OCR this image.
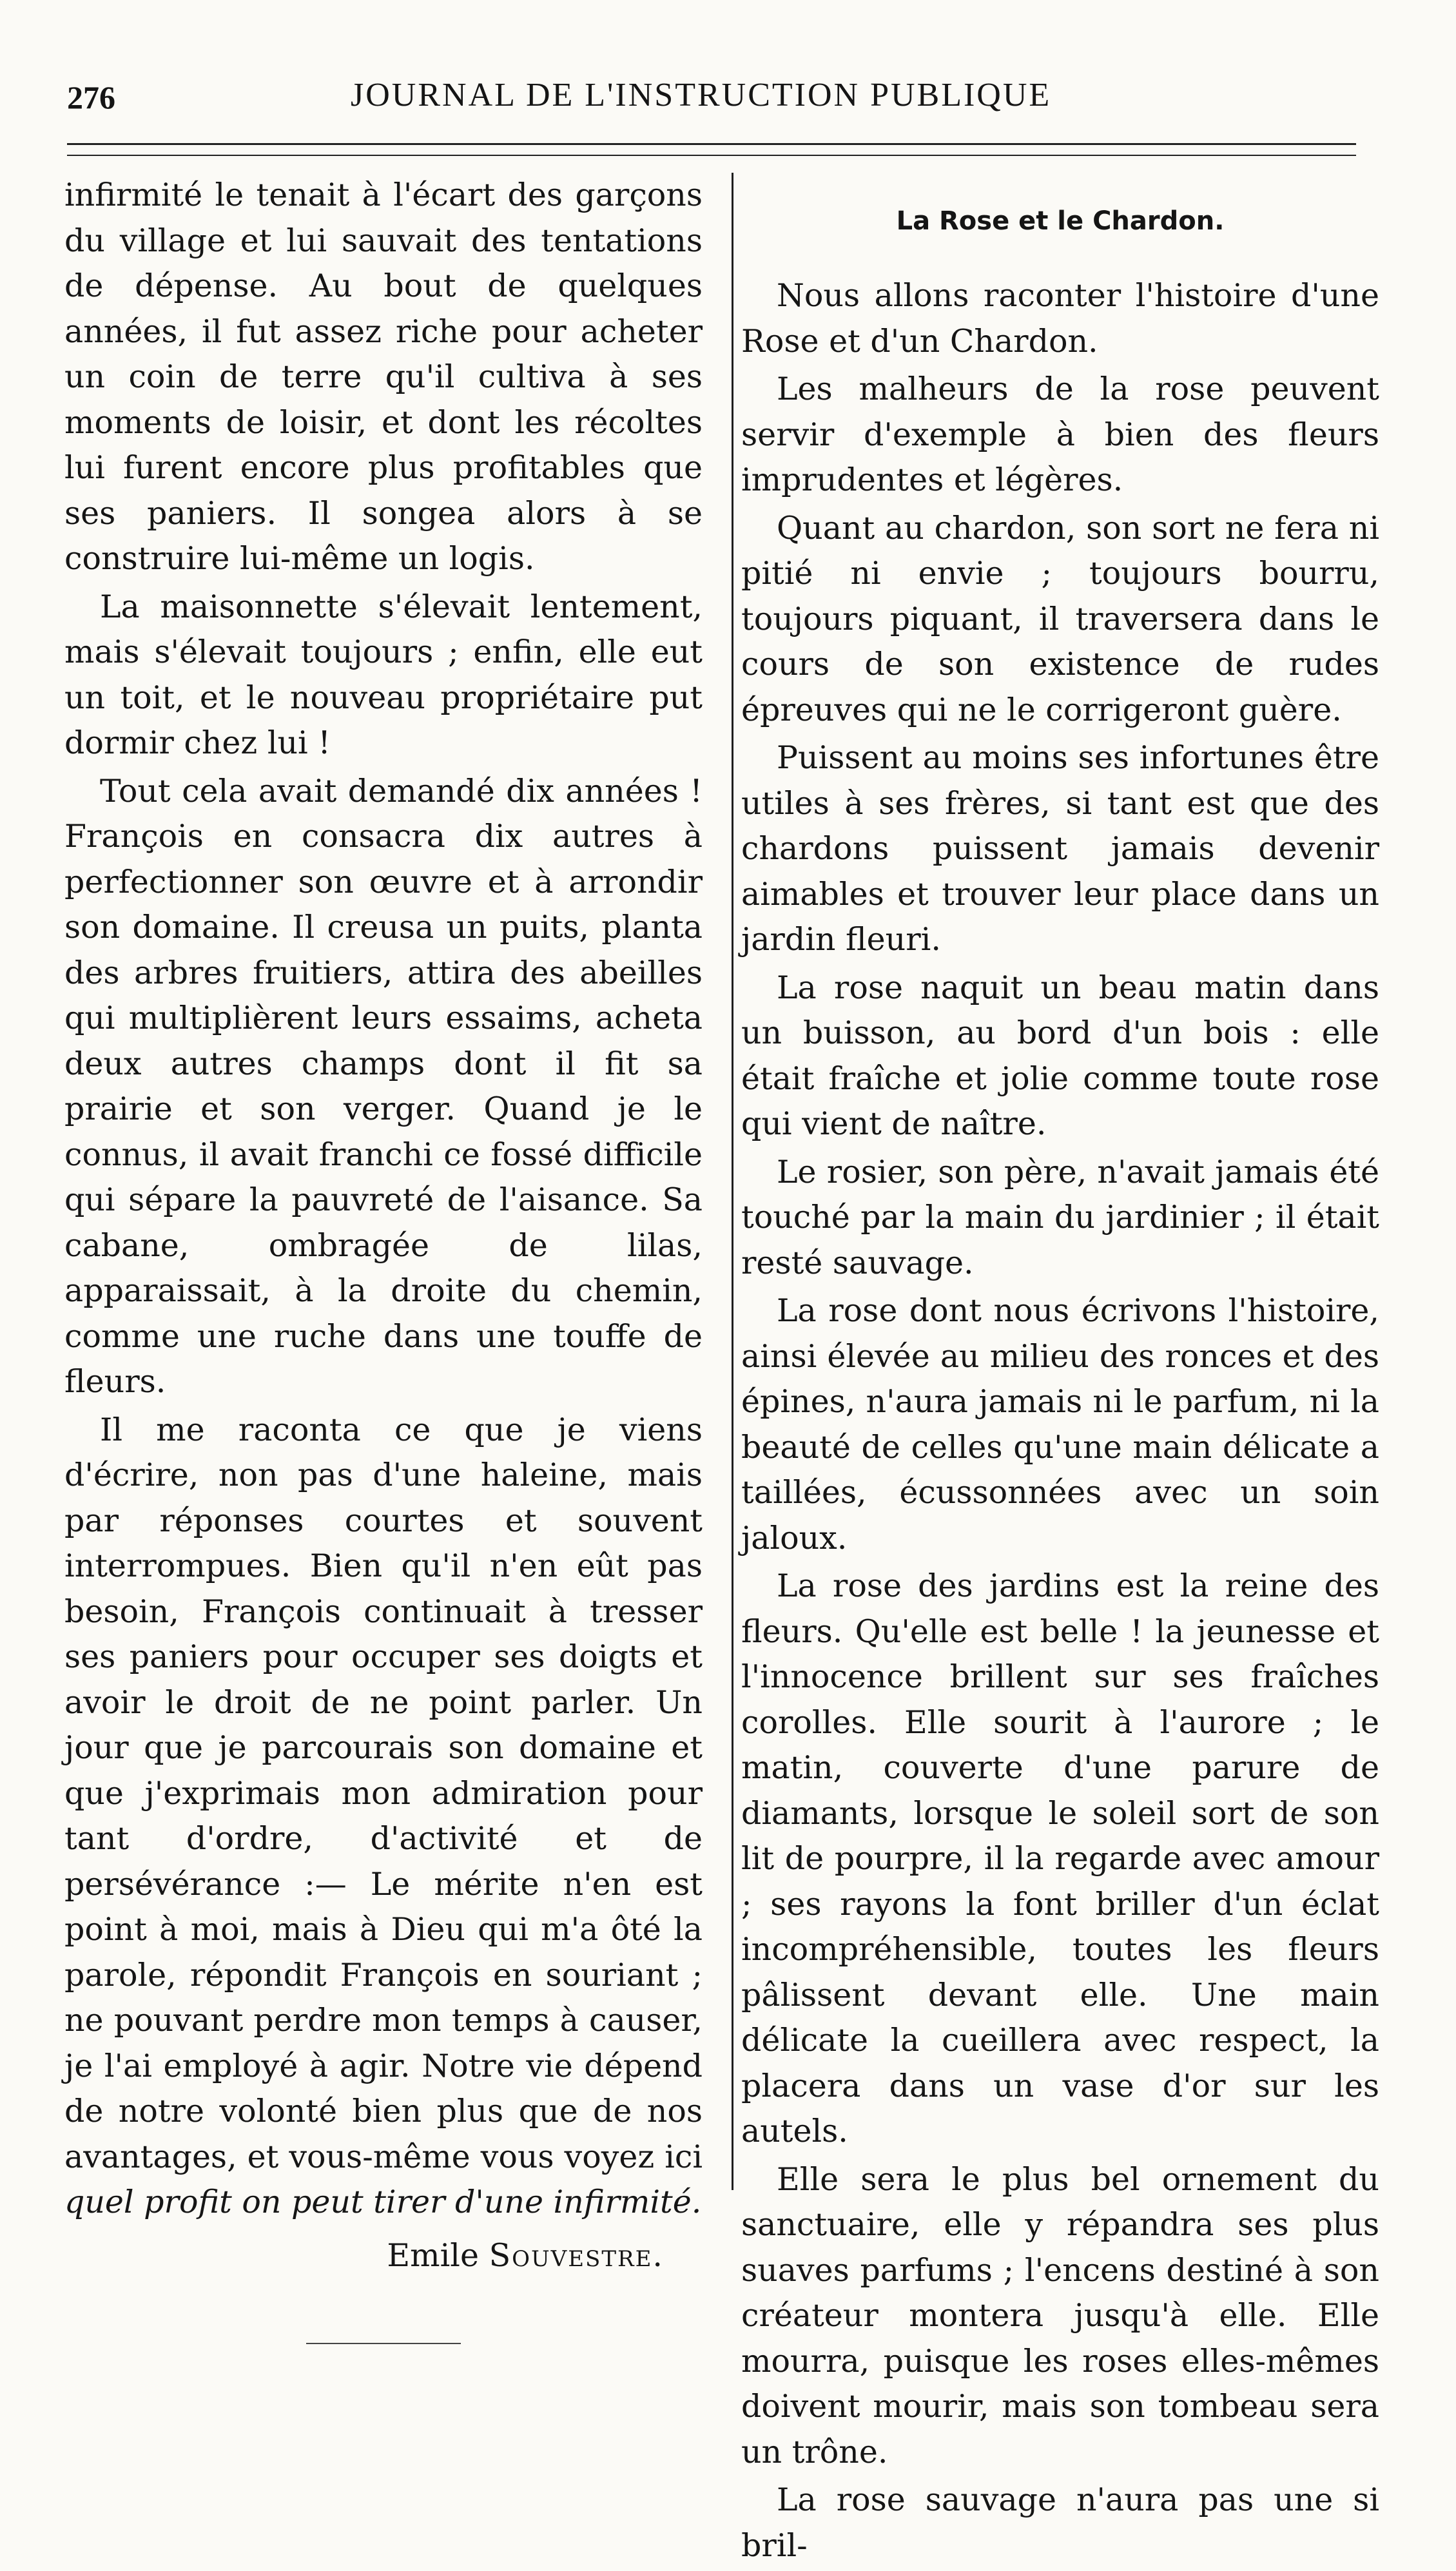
276	JOURNAL DE L'INSTRUCTION PUBLIQUE

infirmité le tenait à l'écart des garçons du village et lui sauvait des tentations de dépense. Au bout de quelques années, il fut assez riche pour acheter un coin de terre qu'il cultiva à ses moments de loisir, et dont les récoltes lui furent encore plus profitables que ses paniers. Il songea alors à se construire lui-même un logis.

La maisonnette s'élevait lentement, mais s'élevait toujours ; enfin, elle eut un toit, et le nouveau propriétaire put dormir chez lui !

Tout cela avait demandé dix années ! François en consacra dix autres à perfectionner son œuvre et à arrondir son domaine. Il creusa un puits, planta des arbres fruitiers, attira des abeilles qui multiplièrent leurs essaims, acheta deux autres champs dont il fit sa prairie et son verger. Quand je le connus, il avait franchi ce fossé difficile qui sépare la pauvreté de l'aisance. Sa cabane, ombragée de lilas, apparaissait, à la droite du chemin, comme une ruche dans une touffe de fleurs.

Il me raconta ce que je viens d'écrire, non pas d'une haleine, mais par réponses courtes et souvent interrompues. Bien qu'il n'en eût pas besoin, François continuait à tresser ses paniers pour occuper ses doigts et avoir le droit de ne point parler. Un jour que je parcourais son domaine et que j'exprimais mon admiration pour tant d'ordre, d'activité et de persévérance :— Le mérite n'en est point à moi, mais à Dieu qui m'a ôté la parole, répondit François en souriant ; ne pouvant perdre mon temps à causer, je l'ai employé à agir. Notre vie dépend de notre volonté bien plus que de nos avantages, et vous-même vous voyez ici quel profit on peut tirer d'une infirmité.

Emile Souvestre.
La Rose et le Chardon.

Nous allons raconter l'histoire d'une Rose et d'un Chardon.

Les malheurs de la rose peuvent servir d'exemple à bien des fleurs imprudentes et légères.

Quant au chardon, son sort ne fera ni pitié ni envie ; toujours bourru, toujours piquant, il traversera dans le cours de son existence de rudes épreuves qui ne le corrigeront guère.

Puissent au moins ses infortunes être utiles à ses frères, si tant est que des chardons puissent jamais devenir aimables et trouver leur place dans un jardin fleuri.

La rose naquit un beau matin dans un buisson, au bord d'un bois : elle était fraîche et jolie comme toute rose qui vient de naître.

Le rosier, son père, n'avait jamais été touché par la main du jardinier ; il était resté sauvage.

La rose dont nous écrivons l'histoire, ainsi élevée au milieu des ronces et des épines, n'aura jamais ni le parfum, ni la beauté de celles qu'une main délicate a taillées, écussonnées avec un soin jaloux.

La rose des jardins est la reine des fleurs. Qu'elle est belle ! la jeunesse et l'innocence brillent sur ses fraîches corolles. Elle sourit à l'aurore ; le matin, couverte d'une parure de diamants, lorsque le soleil sort de son lit de pourpre, il la regarde avec amour ; ses rayons la font briller d'un éclat incompréhensible, toutes les fleurs pâlissent devant elle. Une main délicate la cueillera avec respect, la placera dans un vase d'or sur les autels.

Elle sera le plus bel ornement du sanctuaire, elle y répandra ses plus suaves parfums ; l'encens destiné à son créateur montera jusqu'à elle. Elle mourra, puisque les roses elles-mêmes doivent mourir, mais son tombeau sera un trône.

La rose sauvage n'aura pas une si bril-
